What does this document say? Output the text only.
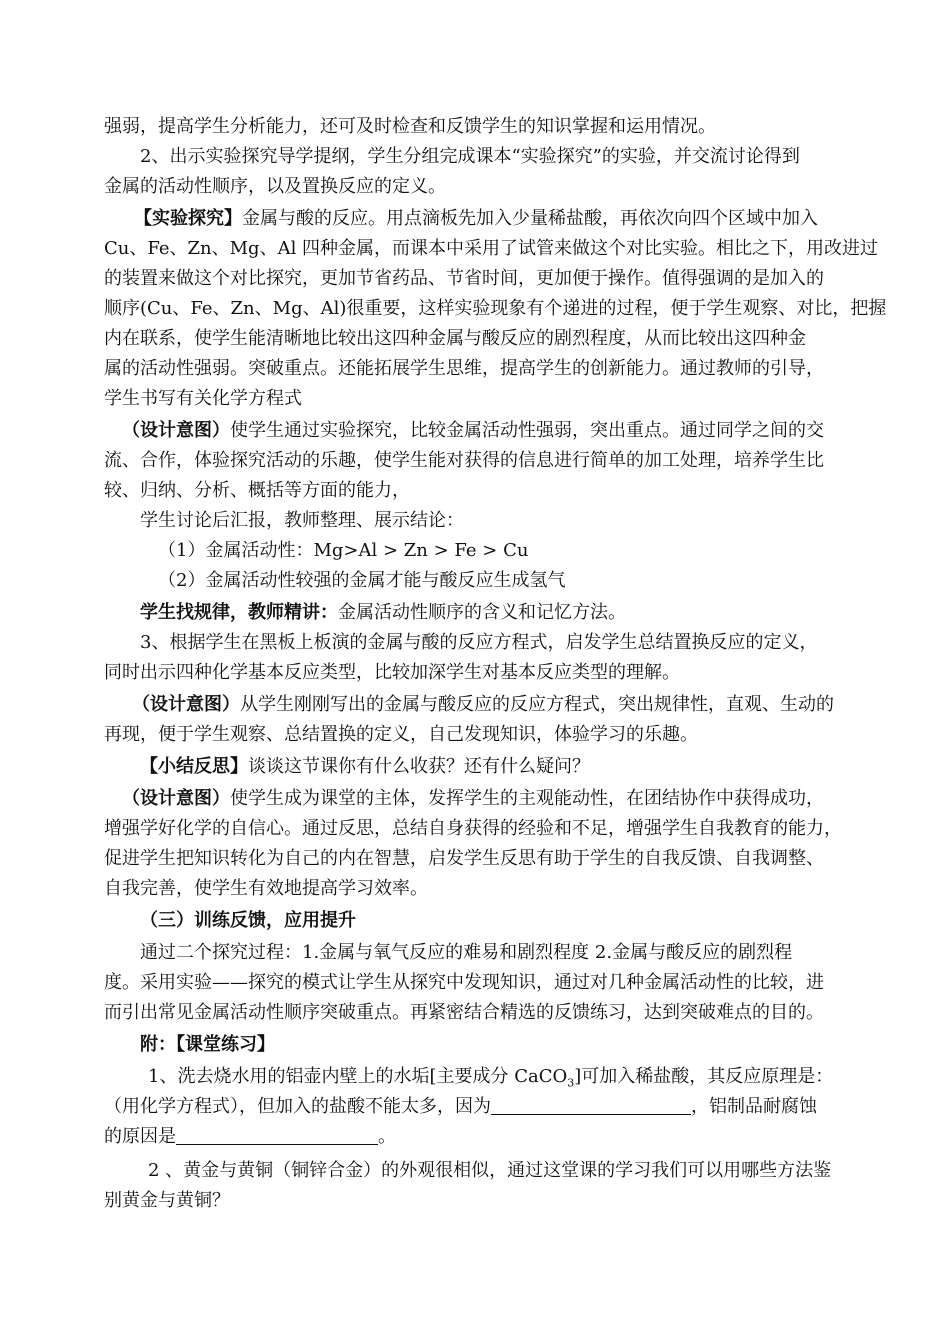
强弱，提高学生分析能力，还可及时检查和反馈学生的知识掌握和运用情况。
2、出示实验探究导学提纲，学生分组完成课本“实验探究”的实验，并交流讨论得到
金属的活动性顺序，以及置换反应的定义。
【实验探究】金属与酸的反应。用点滴板先加入少量稀盐酸，再依次向四个区域中加入
Cu、Fe、Zn、Mg、Al 四种金属，而课本中采用了试管来做这个对比实验。相比之下，用改进过
的装置来做这个对比探究，更加节省药品、节省时间，更加便于操作。值得强调的是加入的
顺序(Cu、Fe、Zn、Mg、Al)很重要，这样实验现象有个递进的过程，便于学生观察、对比，把握
内在联系，使学生能清晰地比较出这四种金属与酸反应的剧烈程度，从而比较出这四种金
属的活动性强弱。突破重点。还能拓展学生思维，提高学生的创新能力。通过教师的引导，
学生书写有关化学方程式
（设计意图）使学生通过实验探究，比较金属活动性强弱，突出重点。通过同学之间的交
流、合作，体验探究活动的乐趣，使学生能对获得的信息进行简单的加工处理，培养学生比
较、归纳、分析、概括等方面的能力，
学生讨论后汇报，教师整理、展示结论：
（1）金属活动性：Mg>Al > Zn > Fe > Cu
（2）金属活动性较强的金属才能与酸反应生成氢气
学生找规律，教师精讲：金属活动性顺序的含义和记忆方法。
3、根据学生在黑板上板演的金属与酸的反应方程式，启发学生总结置换反应的定义，
同时出示四种化学基本反应类型，比较加深学生对基本反应类型的理解。
（设计意图）从学生刚刚写出的金属与酸反应的反应方程式，突出规律性，直观、生动的
再现，便于学生观察、总结置换的定义，自己发现知识，体验学习的乐趣。
【小结反思】谈谈这节课你有什么收获？还有什么疑问？
（设计意图）使学生成为课堂的主体，发挥学生的主观能动性，在团结协作中获得成功，
增强学好化学的自信心。通过反思，总结自身获得的经验和不足，增强学生自我教育的能力，
促进学生把知识转化为自己的内在智慧，启发学生反思有助于学生的自我反馈、自我调整、
自我完善，使学生有效地提高学习效率。
（三）训练反馈，应用提升
通过二个探究过程：1.金属与氧气反应的难易和剧烈程度 2.金属与酸反应的剧烈程
度。采用实验——探究的模式让学生从探究中发现知识，通过对几种金属活动性的比较，进
而引出常见金属活动性顺序突破重点。再紧密结合精选的反馈练习，达到突破难点的目的。
附：【课堂练习】
1、洗去烧水用的铝壶内壁上的水垢[主要成分 CaCO$_3$]可加入稀盐酸，其反应原理是：
（用化学方程式），但加入的盐酸不能太多，因为	，铝制品耐腐蚀
的原因是	。
2 、黄金与黄铜（铜锌合金）的外观很相似，通过这堂课的学习我们可以用哪些方法鉴
别黄金与黄铜？
